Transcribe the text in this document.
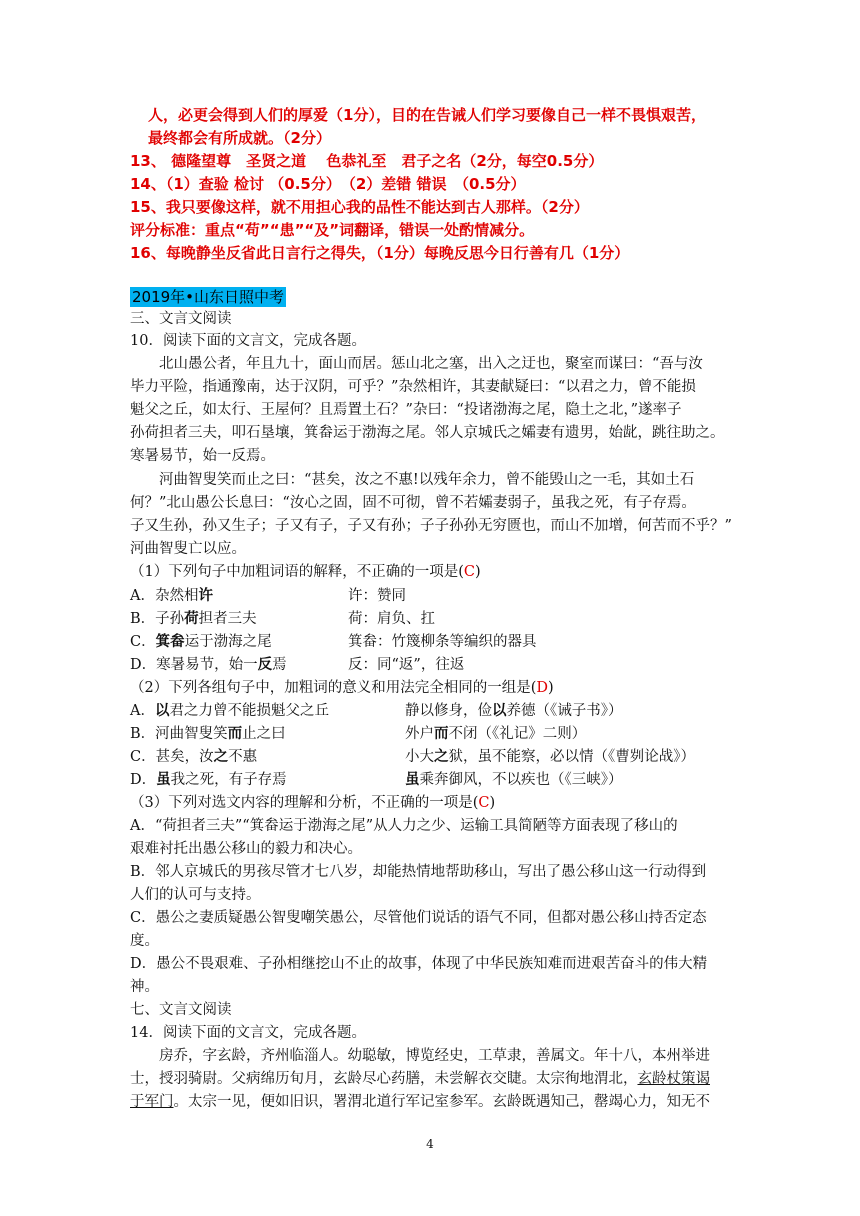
人，必更会得到人们的厚爱（1分），目的在告诫人们学习要像自己一样不畏惧艰苦，
最终都会有所成就。（2分）
13、 德隆望尊　圣贤之道　 色恭礼至　君子之名（2分，每空0.5分）
14、（1）查验 检讨 （0.5分）　（2）差错 错误　（0.5分）
15、我只要像这样，就不用担心我的品性不能达到古人那样。（2分）
评分标准：重点“苟”“患”“及”词翻译，错误一处酌情减分。
16、每晚静坐反省此日言行之得失，（1分）每晚反思今日行善有几（1分）
2019年•山东日照中考
三、文言文阅读
10．阅读下面的文言文，完成各题。
北山愚公者，年且九十，面山而居。惩山北之塞，出入之迂也，聚室而谋曰：“吾与汝
毕力平险，指通豫南，达于汉阴，可乎？”杂然相许，其妻献疑曰：“以君之力，曾不能损
魁父之丘，如太行、王屋何？且焉置土石？”杂曰：“投诸渤海之尾，隐土之北，”遂率子
孙荷担者三夫，叩石垦壤，箕畚运于渤海之尾。邻人京城氏之孀妻有遗男，始龀，跳往助之。
寒暑易节，始一反焉。
河曲智叟笑而止之曰：“甚矣，汝之不惠!以残年余力，曾不能毁山之一毛，其如土石
何？”北山愚公长息曰：“汝心之固，固不可彻，曾不若孀妻弱子，虽我之死，有子存焉。
子又生孙，孙又生子；子又有子，子又有孙；子子孙孙无穷匮也，而山不加增，何苦而不乎？”
河曲智叟亡以应。
（1）下列句子中加粗词语的解释，不正确的一项是(C)
A．杂然相许	许：赞同
B．子孙荷担者三夫	荷：肩负、扛
C．箕畚运于渤海之尾	箕畚：竹篾柳条等编织的器具
D．寒暑易节，始一反焉	反：同“返”，往返
（2）下列各组句子中，加粗词的意义和用法完全相同的一组是(D)
A．以君之力曾不能损魁父之丘	静以修身，俭以养德（《诫子书》）
B．河曲智叟笑而止之曰	外户而不闭（《礼记》二则）
C．甚矣，汝之不惠	小大之狱，虽不能察，必以情（《曹刿论战》）
D．虽我之死，有子存焉	虽乘奔御风，不以疾也（《三峡》）
（3）下列对选文内容的理解和分析，不正确的一项是(C)
A．“荷担者三夫”“箕畚运于渤海之尾”从人力之少、运输工具简陋等方面表现了移山的
艰难衬托出愚公移山的毅力和决心。
B．邻人京城氏的男孩尽管才七八岁，却能热情地帮助移山，写出了愚公移山这一行动得到
人们的认可与支持。
C．愚公之妻质疑愚公智叟嘲笑愚公，尽管他们说话的语气不同，但都对愚公移山持否定态
度。
D．愚公不畏艰难、子孙相继挖山不止的故事，体现了中华民族知难而进艰苦奋斗的伟大精
神。
七、文言文阅读
14．阅读下面的文言文，完成各题。
房乔，字玄龄，齐州临淄人。幼聪敏，博览经史，工草隶，善属文。年十八，本州举进
士，授羽骑尉。父病绵历旬月，玄龄尽心药膳，未尝解衣交睫。太宗徇地渭北，玄龄杖策谒
于军门。太宗一见，便如旧识，署渭北道行军记室参军。玄龄既遇知己，罄竭心力，知无不
4
